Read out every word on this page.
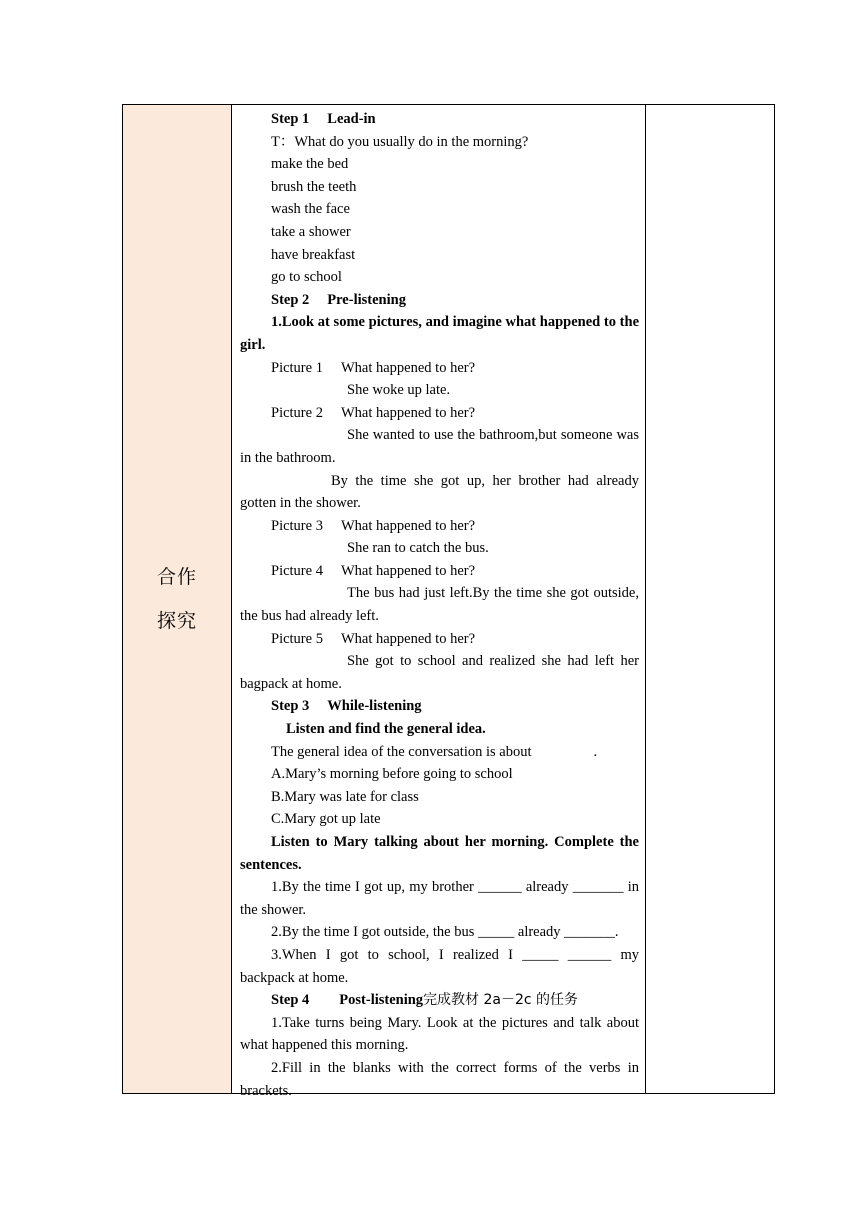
合作
探究

Step 1 Lead-in
T：What do you usually do in the morning?
make the bed
brush the teeth
wash the face
take a shower
have breakfast
go to school
Step 2 Pre-listening
1.Look at some pictures, and imagine what happened to the girl.
Picture 1 What happened to her?
She woke up late.
Picture 2 What happened to her?
She wanted to use the bathroom,but someone was in the bathroom.
By the time she got up, her brother had already gotten in the shower.
Picture 3 What happened to her?
She ran to catch the bus.
Picture 4 What happened to her?
The bus had just left.By the time she got outside, the bus had already left.
Picture 5 What happened to her?
She got to school and realized she had left her bagpack at home.
Step 3 While-listening
Listen and find the general idea.
The general idea of the conversation is about	.
A.Mary’s morning before going to school
B.Mary was late for class
C.Mary got up late
Listen to Mary talking about her morning. Complete the sentences.
1.By the time I got up, my brother ______ already _______ in the shower.
2.By the time I got outside, the bus _____ already _______.
3.When I got to school, I realized I _____ ______ my backpack at home.
Step 4 Post-listening完成教材 2a－2c 的任务
1.Take turns being Mary. Look at the pictures and talk about what happened this morning.
2.Fill in the blanks with the correct forms of the verbs in brackets.
